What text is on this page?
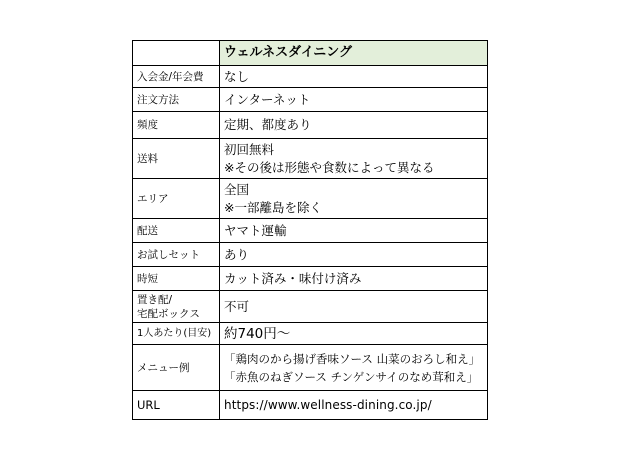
	ウェルネスダイニング
入会金/年会費	なし

注文方法	インターネット

頻度	定期、都度あり

送料	初回無料
※その後は形態や食数によって異なる

エリア	全国
※一部離島を除く

配送	ヤマト運輸

お試しセット	あり

時短	カット済み・味付け済み

置き配/
宅配ボックス	不可

1人あたり(目安)	約740円～

メニュー例	「鶏肉のから揚げ香味ソース 山菜のおろし和え」
「赤魚のねぎソース チンゲンサイのなめ茸和え」

URL	https://www.wellness-dining.co.jp/
